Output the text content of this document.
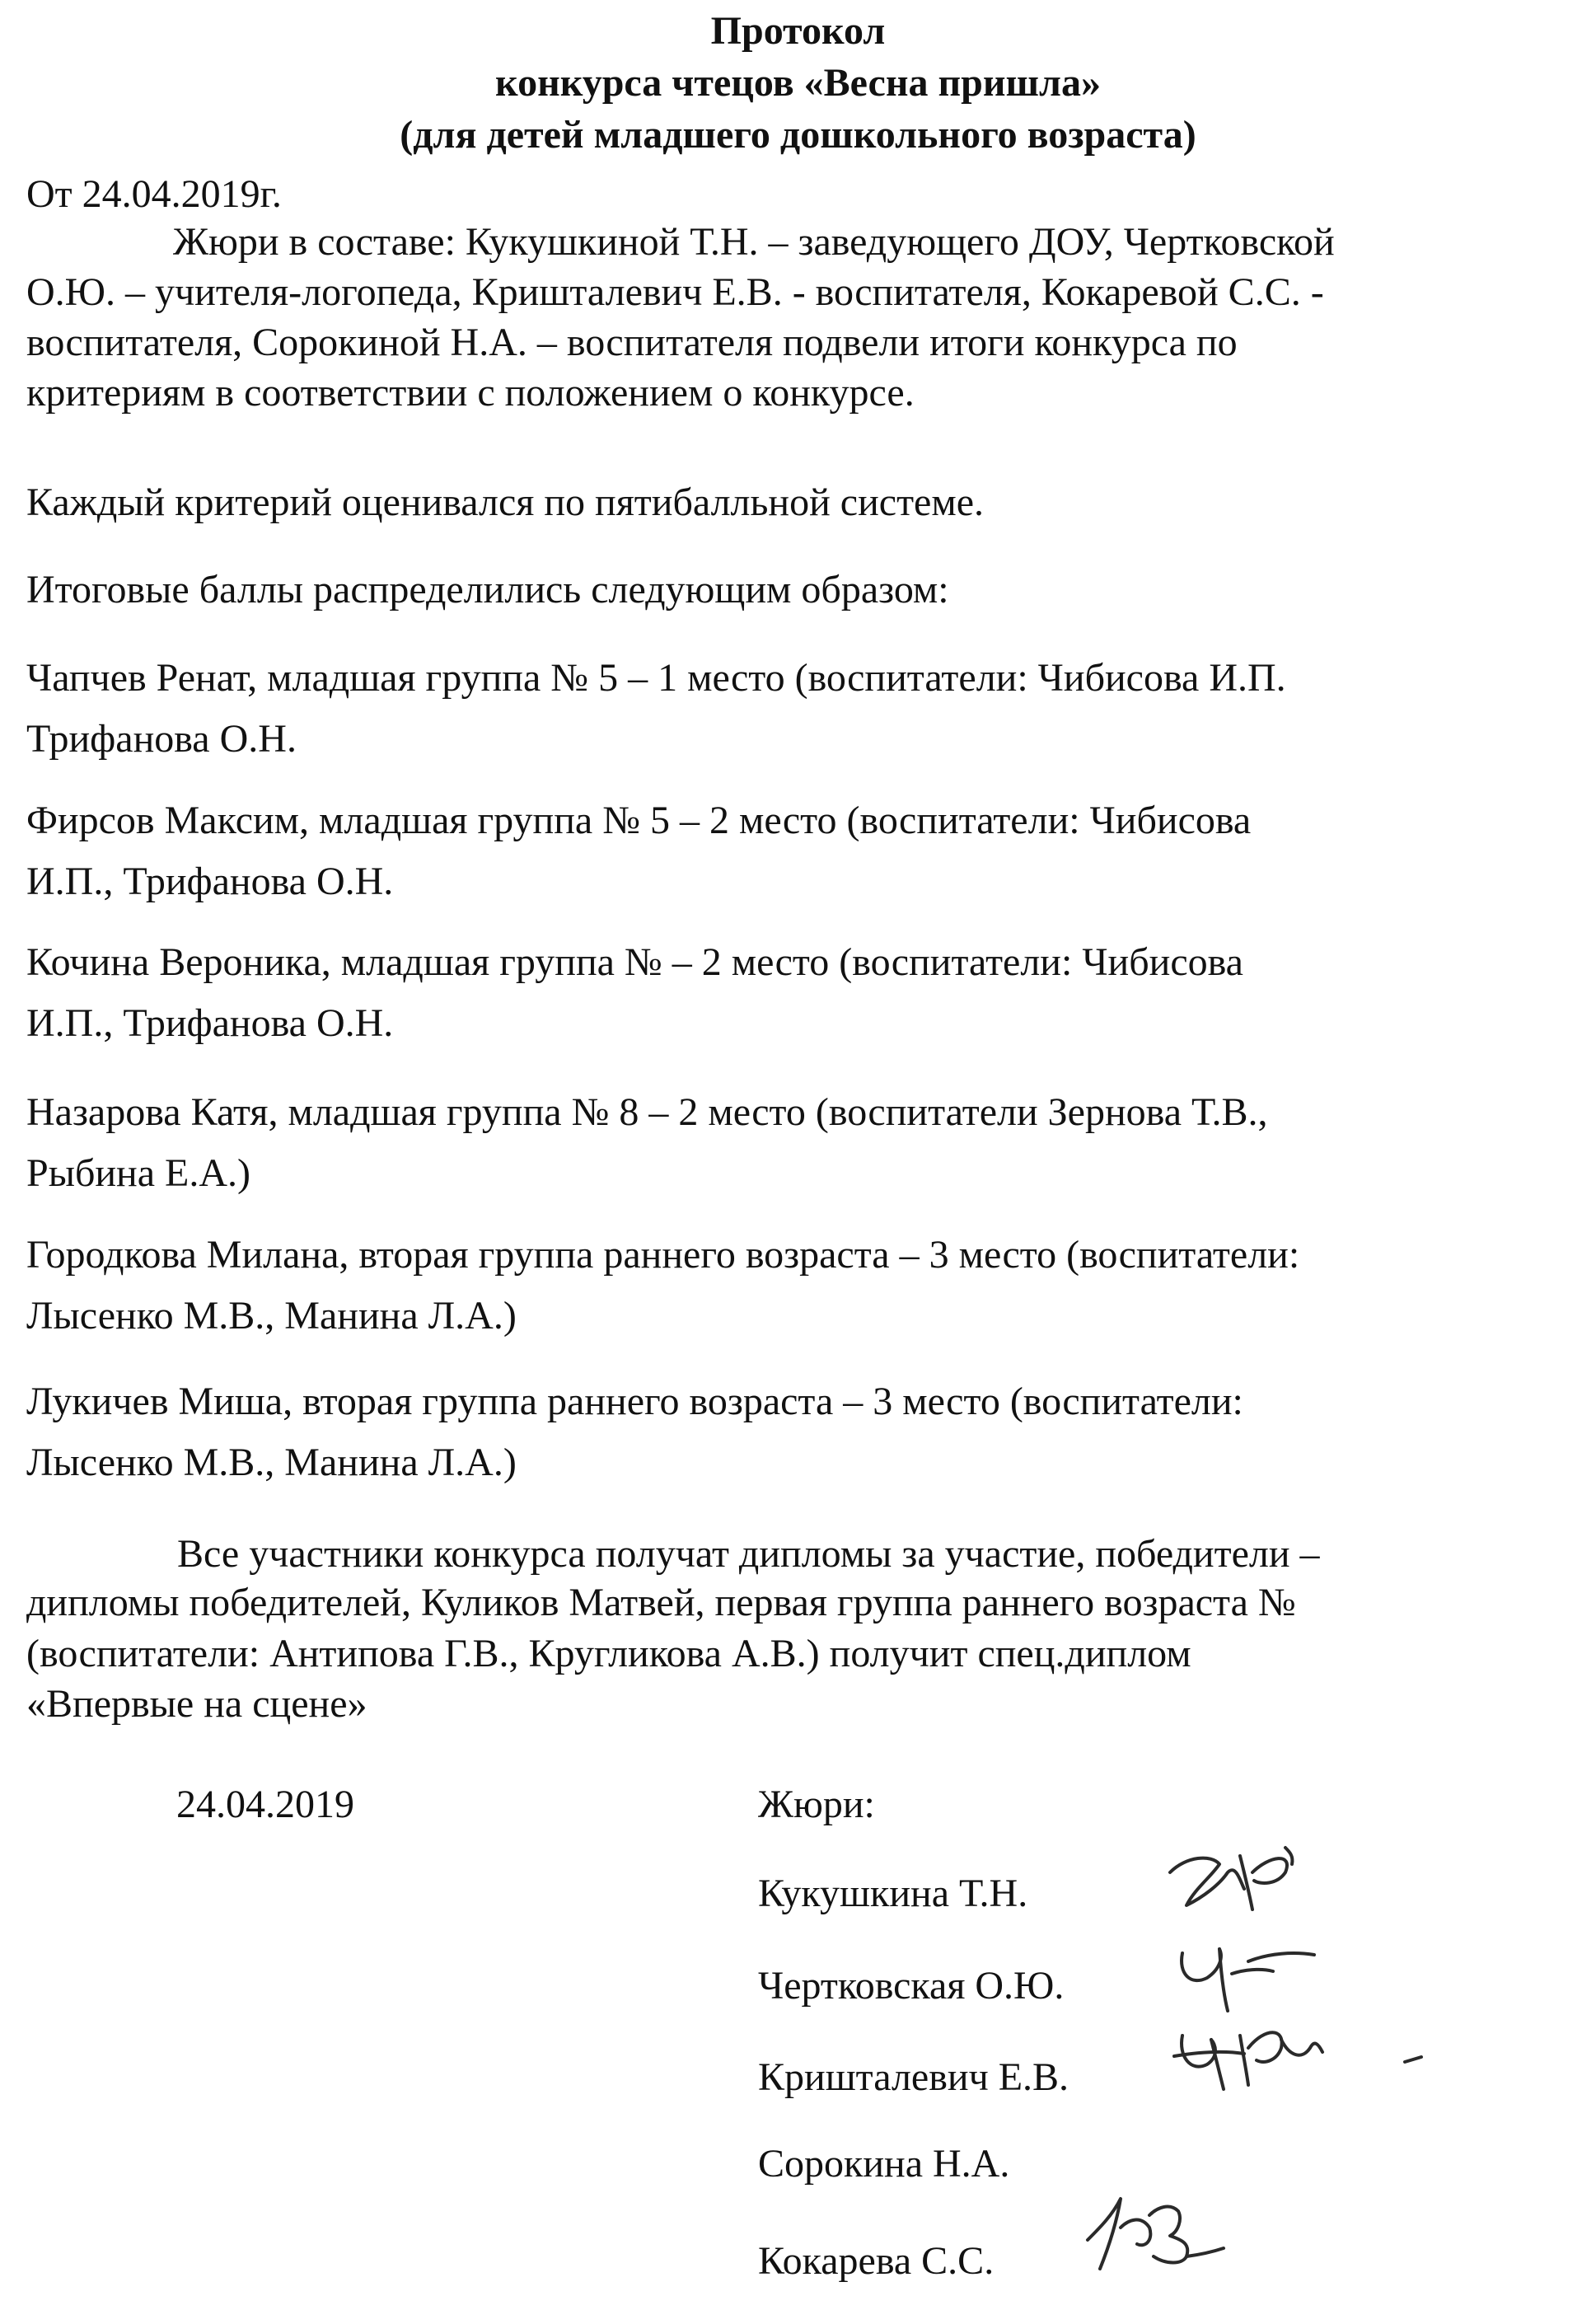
Протокол
конкурса чтецов «Весна пришла»
(для детей младшего дошкольного возраста)
От 24.04.2019г.
Жюри в составе: Кукушкиной Т.Н. – заведующего ДОУ, Чертковской
О.Ю. – учителя-логопеда, Кришталевич Е.В. - воспитателя, Кокаревой С.С. -
воспитателя, Сорокиной Н.А. – воспитателя подвели итоги конкурса по
критериям в соответствии с положением о конкурсе.
Каждый критерий оценивался по пятибалльной системе.
Итоговые баллы распределились следующим образом:
Чапчев Ренат, младшая группа № 5 – 1 место (воспитатели: Чибисова И.П.
Трифанова О.Н.
Фирсов Максим, младшая группа № 5 – 2 место (воспитатели: Чибисова
И.П., Трифанова О.Н.
Кочина Вероника, младшая группа № – 2 место (воспитатели: Чибисова
И.П., Трифанова О.Н.
Назарова Катя, младшая группа № 8 – 2 место (воспитатели Зернова Т.В.,
Рыбина Е.А.)
Городкова Милана, вторая группа раннего возраста – 3 место (воспитатели:
Лысенко М.В., Манина Л.А.)
Лукичев Миша, вторая группа раннего возраста – 3 место (воспитатели:
Лысенко М.В., Манина Л.А.)
Все участники конкурса получат дипломы за участие, победители –
дипломы победителей, Куликов Матвей, первая группа раннего возраста №
(воспитатели: Антипова Г.В., Кругликова А.В.) получит спец.диплом
«Впервые на сцене»
24.04.2019	Жюри:
Кукушкина Т.Н.
Чертковская О.Ю.
Кришталевич Е.В.
Сорокина Н.А.
Кокарева С.С.
